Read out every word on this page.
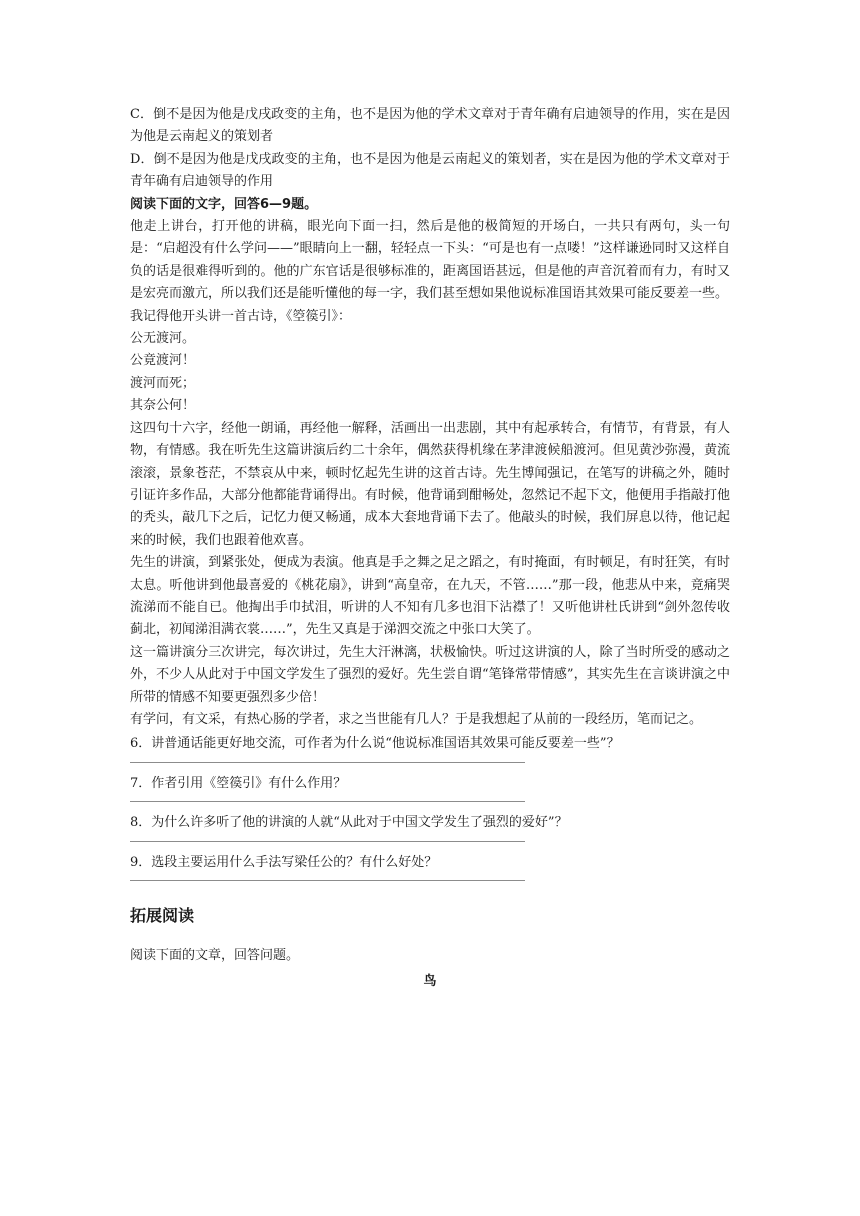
C．倒不是因为他是戊戌政变的主角，也不是因为他的学术文章对于青年确有启迪领导的作用，实在是因为他是云南起义的策划者

D．倒不是因为他是戊戌政变的主角，也不是因为他是云南起义的策划者，实在是因为他的学术文章对于青年确有启迪领导的作用

阅读下面的文字，回答6—9题。

他走上讲台，打开他的讲稿，眼光向下面一扫，然后是他的极简短的开场白，一共只有两句，头一句是：“启超没有什么学问——”眼睛向上一翻，轻轻点一下头：“可是也有一点喽！”这样谦逊同时又这样自负的话是很难得听到的。他的广东官话是很够标准的，距离国语甚远，但是他的声音沉着而有力，有时又是宏亮而激亢，所以我们还是能听懂他的每一字，我们甚至想如果他说标准国语其效果可能反要差一些。

我记得他开头讲一首古诗，《箜篌引》：

公无渡河。

公竟渡河！

渡河而死；

其奈公何！

这四句十六字，经他一朗诵，再经他一解释，活画出一出悲剧，其中有起承转合，有情节，有背景，有人物，有情感。我在听先生这篇讲演后约二十余年，偶然获得机缘在茅津渡候船渡河。但见黄沙弥漫，黄流滚滚，景象苍茫，不禁哀从中来，顿时忆起先生讲的这首古诗。先生博闻强记，在笔写的讲稿之外，随时引证许多作品，大部分他都能背诵得出。有时候，他背诵到酣畅处，忽然记不起下文，他便用手指敲打他的秃头，敲几下之后，记忆力便又畅通，成本大套地背诵下去了。他敲头的时候，我们屏息以待，他记起来的时候，我们也跟着他欢喜。

先生的讲演，到紧张处，便成为表演。他真是手之舞之足之蹈之，有时掩面，有时顿足，有时狂笑，有时太息。听他讲到他最喜爱的《桃花扇》，讲到“高皇帝，在九天，不管……”那一段，他悲从中来，竟痛哭流涕而不能自已。他掏出手巾拭泪，听讲的人不知有几多也泪下沾襟了！又听他讲杜氏讲到“剑外忽传收蓟北，初闻涕泪满衣裳……”，先生又真是于涕泗交流之中张口大笑了。

这一篇讲演分三次讲完，每次讲过，先生大汗淋漓，状极愉快。听过这讲演的人，除了当时所受的感动之外，不少人从此对于中国文学发生了强烈的爱好。先生尝自谓“笔锋常带情感”，其实先生在言谈讲演之中所带的情感不知要更强烈多少倍！

有学问，有文采，有热心肠的学者，求之当世能有几人？于是我想起了从前的一段经历，笔而记之。

6．讲普通话能更好地交流，可作者为什么说“他说标准国语其效果可能反要差一些”？

7．作者引用《箜篌引》有什么作用？

8．为什么许多听了他的讲演的人就“从此对于中国文学发生了强烈的爱好”？

9．选段主要运用什么手法写梁任公的？有什么好处？

拓展阅读

阅读下面的文章，回答问题。

鸟
